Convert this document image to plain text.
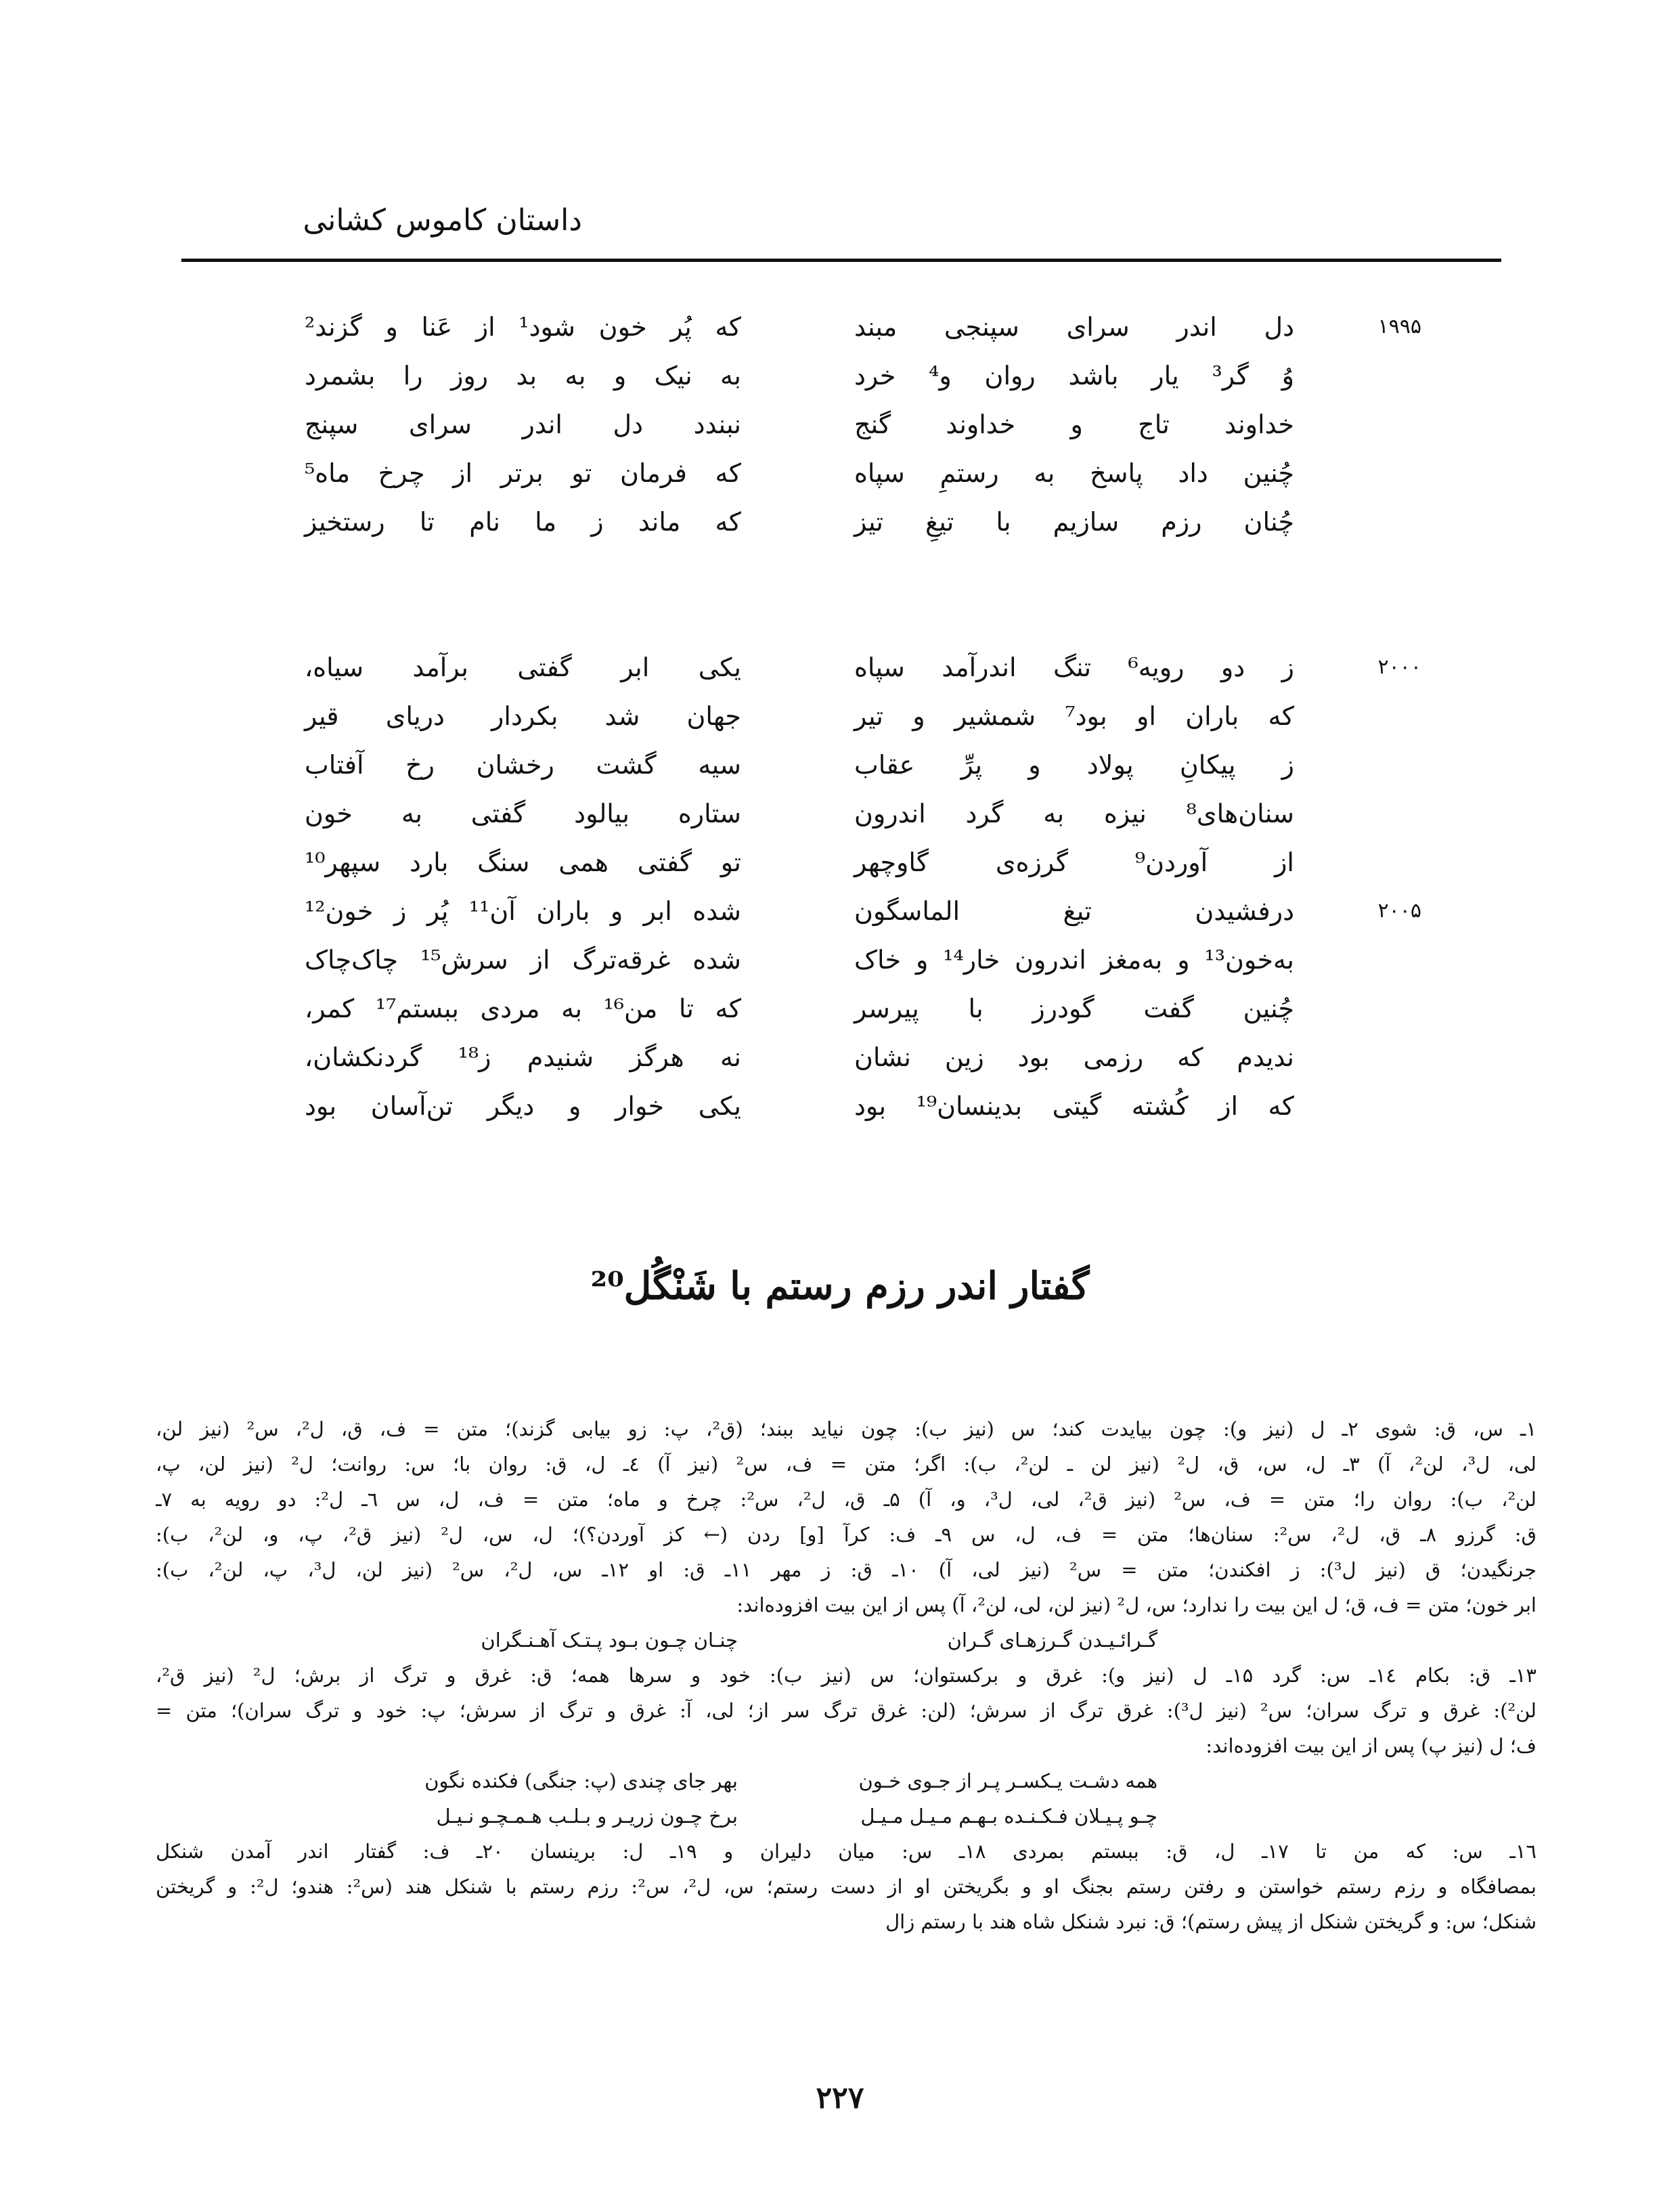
داستان کاموس کشانی
۱۹۹۵
دل اندر سرای سپنجی مبند
که پُر خون شود¹ از عَنا و گزند²
وُ گر³ یار باشد روان و⁴ خرد
به نیک و به بد روز را بشمرد
خداوند تاج و خداوند گنج
نبندد دل اندر سرای سپنج
چُنین داد پاسخ به رستمِ سپاه
که فرمان تو برتر از چرخ ماه⁵
چُنان رزم سازیم با تیغِ تیز
که ماند ز ما نام تا رستخیز
۲۰۰۰
ز دو رویه⁶ تنگ اندرآمد سپاه
یکی ابر گفتی برآمد سیاه،
که باران او بود⁷ شمشیر و تیر
جهان شد بکردار دریای قیر
ز پیکانِ پولاد و پرِّ عقاب
سیه گشت رخشان رخ آفتاب
سنان‌های⁸ نیزه به گرد اندرون
ستاره بیالود گفتی به خون
از آوردن⁹ گرزه‌ی گاوچهر
تو گفتی همی سنگ بارد سپهر¹⁰
۲۰۰۵
درفشیدن تیغ الماسگون
شده ابر و باران آن¹¹ پُر ز خون¹²
به‌خون¹³ و به‌مغز اندرون خار¹⁴ و خاک
شده غرقه‌ترگ از سرش¹⁵ چاک‌چاک
چُنین گفت گودرز با پیرسر
که تا من¹⁶ به مردی ببستم¹⁷ کمر،
ندیدم که رزمی بود زین نشان
نه هرگز شنیدم ز¹⁸ گردنکشان،
که از کُشته گیتی بدینسان¹⁹ بود
یکی خوار و دیگر تن‌آسان بود
گفتار اندر رزم رستم با شَنْگُل²⁰
۱ـ س، ق: شوی ۲ـ ل (نیز و): چون بیایدت کند؛ س (نیز ب): چون نیاید ببند؛ (ق²، پ: زو بیابی گزند)؛ متن = ف، ق، ل²، س² (نیز لن،
لی، ل³، لن²، آ) ۳ـ ل، س، ق، ل² (نیز لن ـ لن²، ب): اگر؛ متن = ف، س² (نیز آ) ٤ـ ل، ق: روان با؛ س: روانت؛ ل² (نیز لن، پ،
لن²، ب): روان را؛ متن = ف، س² (نیز ق²، لی، ل³، و، آ) ۵ـ ق، ل²، س²: چرخ و ماه؛ متن = ف، ل، س ٦ـ ل²: دو رویه به ۷ـ
ق: گرزو ۸ـ ق، ل²، س²: سنان‌ها؛ متن = ف، ل، س ۹ـ ف: کرآ [و] ردن (← کز آوردن؟)؛ ل، س، ل² (نیز ق²، پ، و، لن²، ب):
جرنگیدن؛ ق (نیز ل³): ز افکندن؛ متن = س² (نیز لی، آ) ۱۰ـ ق: ز مهر ۱۱ـ ق: او ۱۲ـ س، ل²، س² (نیز لن، ل³، پ، لن²، ب):
ابر خون؛ متن = ف، ق؛ ل این بیت را ندارد؛ س، ل² (نیز لن، لی، لن²، آ) پس از این بیت افزوده‌اند:
گـرائـیـدن گـرزهـای گـران
چنـان چـون بـود پـتـک آهـنـگران
۱۳ـ ق: بکام ۱٤ـ س: گرد ۱۵ـ ل (نیز و): غرق و برکستوان؛ س (نیز ب): خود و سرها همه؛ ق: غرق و ترگ از برش؛ ل² (نیز ق²،
لن²): غرق و ترگ سران؛ س² (نیز ل³): غرق ترگ از سرش؛ (لن: غرق ترگ سر از؛ لی، آ: غرق و ترگ از سرش؛ پ: خود و ترگ سران)؛ متن =
ف؛ ل (نیز پ) پس از این بیت افزوده‌اند:
همه دشـت یـکسـر پـر از جـوی خـون
بهر جای چندی (پ: جنگی) فکنده نگون
چـو پـیـلان فـکـنـده بـهـم مـیـل مـیـل
برخ چـون زریـر و بـلـب هـمـچـو نـیـل
۱٦ـ س: که من تا ۱۷ـ ل، ق: ببستم بمردی ۱۸ـ س: میان دلیران و ۱۹ـ ل: برینسان ۲۰ـ ف: گفتار اندر آمدن شنکل
بمصافگاه و رزم رستم خواستن و رفتن رستم بجنگ او و بگریختن او از دست رستم؛ س، ل²، س²: رزم رستم با شنکل هند (س²: هندو؛ ل²: و گریختن
شنکل؛ س: و گریختن شنکل از پیش رستم)؛ ق: نبرد شنکل شاه هند با رستم زال
۲۲۷
